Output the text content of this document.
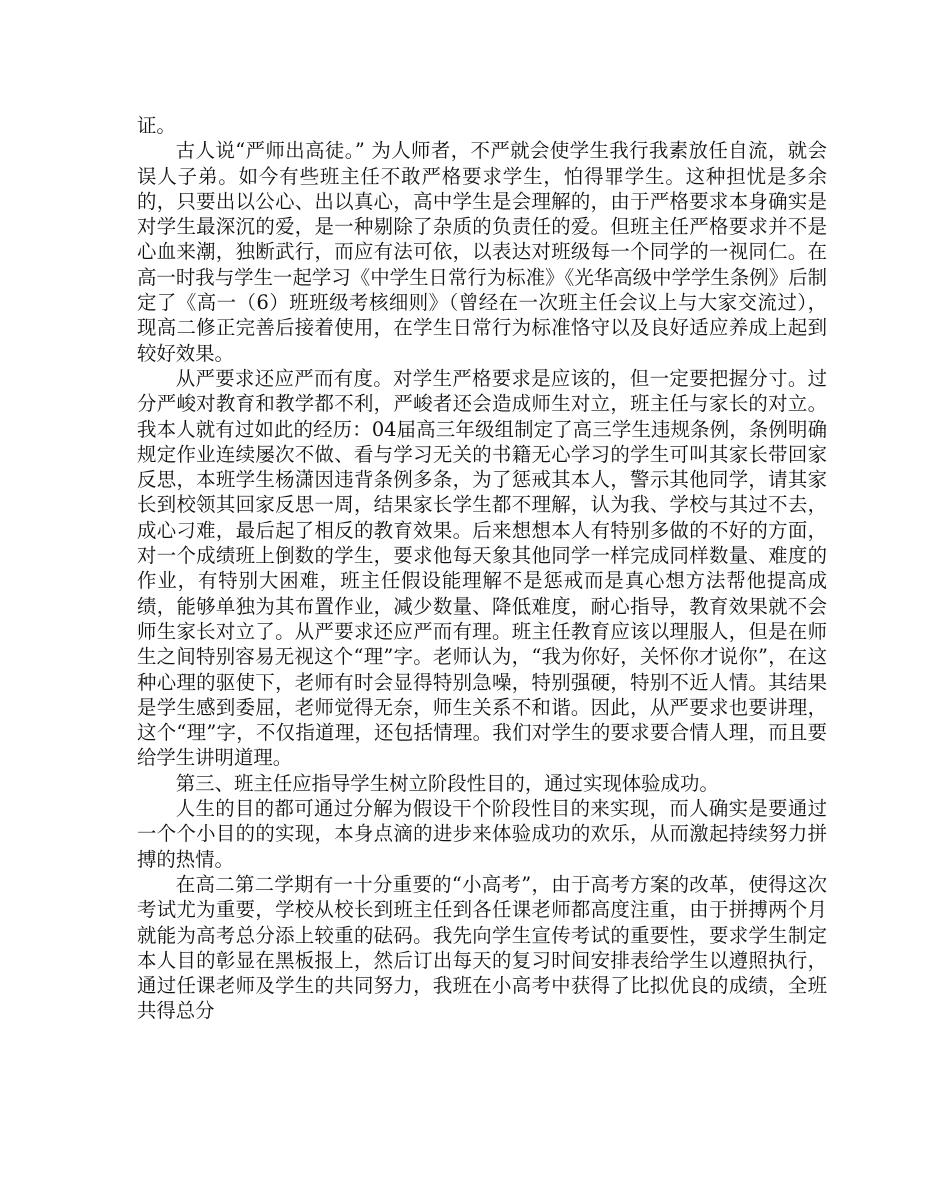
证。

古人说“严师出高徒。” 为人师者，不严就会使学生我行我素放任自流，就会误人子弟。如今有些班主任不敢严格要求学生，怕得罪学生。这种担忧是多余的，只要出以公心、出以真心，高中学生是会理解的，由于严格要求本身确实是对学生最深沉的爱，是一种剔除了杂质的负责任的爱。但班主任严格要求并不是心血来潮，独断武行，而应有法可依，以表达对班级每一个同学的一视同仁。在高一时我与学生一起学习《中学生日常行为标准》《光华高级中学学生条例》后制定了《高一（6）班班级考核细则》（曾经在一次班主任会议上与大家交流过），现高二修正完善后接着使用，在学生日常行为标准恪守以及良好适应养成上起到较好效果。

从严要求还应严而有度。对学生严格要求是应该的，但一定要把握分寸。过分严峻对教育和教学都不利，严峻者还会造成师生对立，班主任与家长的对立。我本人就有过如此的经历：04届高三年级组制定了高三学生违规条例，条例明确规定作业连续屡次不做、看与学习无关的书籍无心学习的学生可叫其家长带回家反思，本班学生杨潇因违背条例多条，为了惩戒其本人，警示其他同学，请其家长到校领其回家反思一周，结果家长学生都不理解，认为我、学校与其过不去，成心刁难，最后起了相反的教育效果。后来想想本人有特别多做的不好的方面，对一个成绩班上倒数的学生，要求他每天象其他同学一样完成同样数量、难度的作业，有特别大困难，班主任假设能理解不是惩戒而是真心想方法帮他提高成绩，能够单独为其布置作业，减少数量、降低难度，耐心指导，教育效果就不会师生家长对立了。从严要求还应严而有理。班主任教育应该以理服人，但是在师生之间特别容易无视这个“理”字。老师认为，“我为你好，关怀你才说你”，在这种心理的驱使下，老师有时会显得特别急噪，特别强硬，特别不近人情。其结果是学生感到委屈，老师觉得无奈，师生关系不和谐。因此，从严要求也要讲理，这个“理”字，不仅指道理，还包括情理。我们对学生的要求要合情人理，而且要给学生讲明道理。

第三、班主任应指导学生树立阶段性目的，通过实现体验成功。

人生的目的都可通过分解为假设干个阶段性目的来实现，而人确实是要通过一个个小目的的实现，本身点滴的进步来体验成功的欢乐，从而激起持续努力拼搏的热情。

在高二第二学期有一十分重要的“小高考”，由于高考方案的改革，使得这次考试尤为重要，学校从校长到班主任到各任课老师都高度注重，由于拼搏两个月就能为高考总分添上较重的砝码。我先向学生宣传考试的重要性，要求学生制定本人目的彰显在黑板报上，然后订出每天的复习时间安排表给学生以遵照执行，通过任课老师及学生的共同努力，我班在小高考中获得了比拟优良的成绩，全班共得总分
